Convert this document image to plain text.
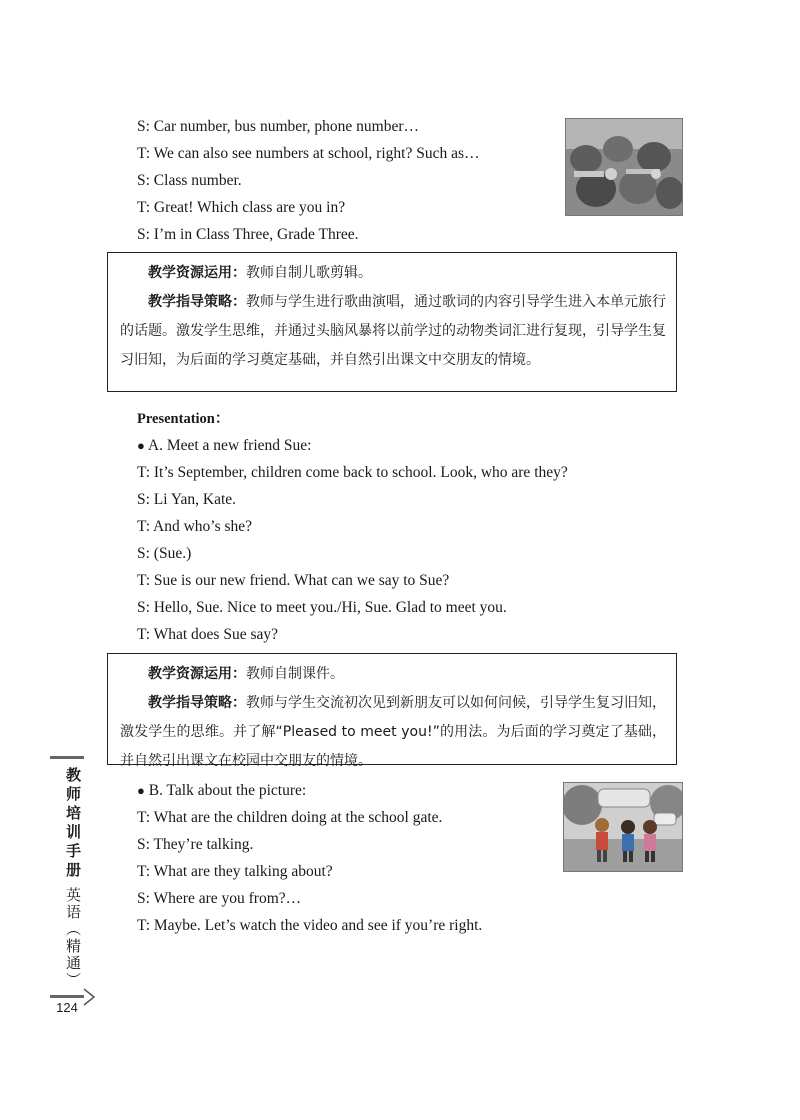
S: Car number, bus number, phone number…
T: We can also see numbers at school, right? Such as…
S: Class number.
T: Great! Which class are you in?
S: I’m in Class Three, Grade Three.

教学资源运用：教师自制儿歌剪辑。

教学指导策略：教师与学生进行歌曲演唱，通过歌词的内容引导学生进入本单元旅行的话题。激发学生思维，并通过头脑风暴将以前学过的动物类词汇进行复现，引导学生复习旧知，为后面的学习奠定基础，并自然引出课文中交朋友的情境。

Presentation：
● A. Meet a new friend Sue:
T: It’s September, children come back to school. Look, who are they?
S: Li Yan, Kate.
T: And who’s she?
S: (Sue.)
T: Sue is our new friend. What can we say to Sue?
S: Hello, Sue. Nice to meet you./Hi, Sue. Glad to meet you.
T: What does Sue say?

教学资源运用：教师自制课件。

教学指导策略：教师与学生交流初次见到新朋友可以如何问候，引导学生复习旧知，激发学生的思维。并了解“Pleased to meet you!”的用法。为后面的学习奠定了基础，并自然引出课文在校园中交朋友的情境。

● B. Talk about the picture:
T: What are the children doing at the school gate.
S: They’re talking.
T: What are they talking about?
S: Where are you from?…
T: Maybe. Let’s watch the video and see if you’re right.
教师培训手册
英语（精通）
124
